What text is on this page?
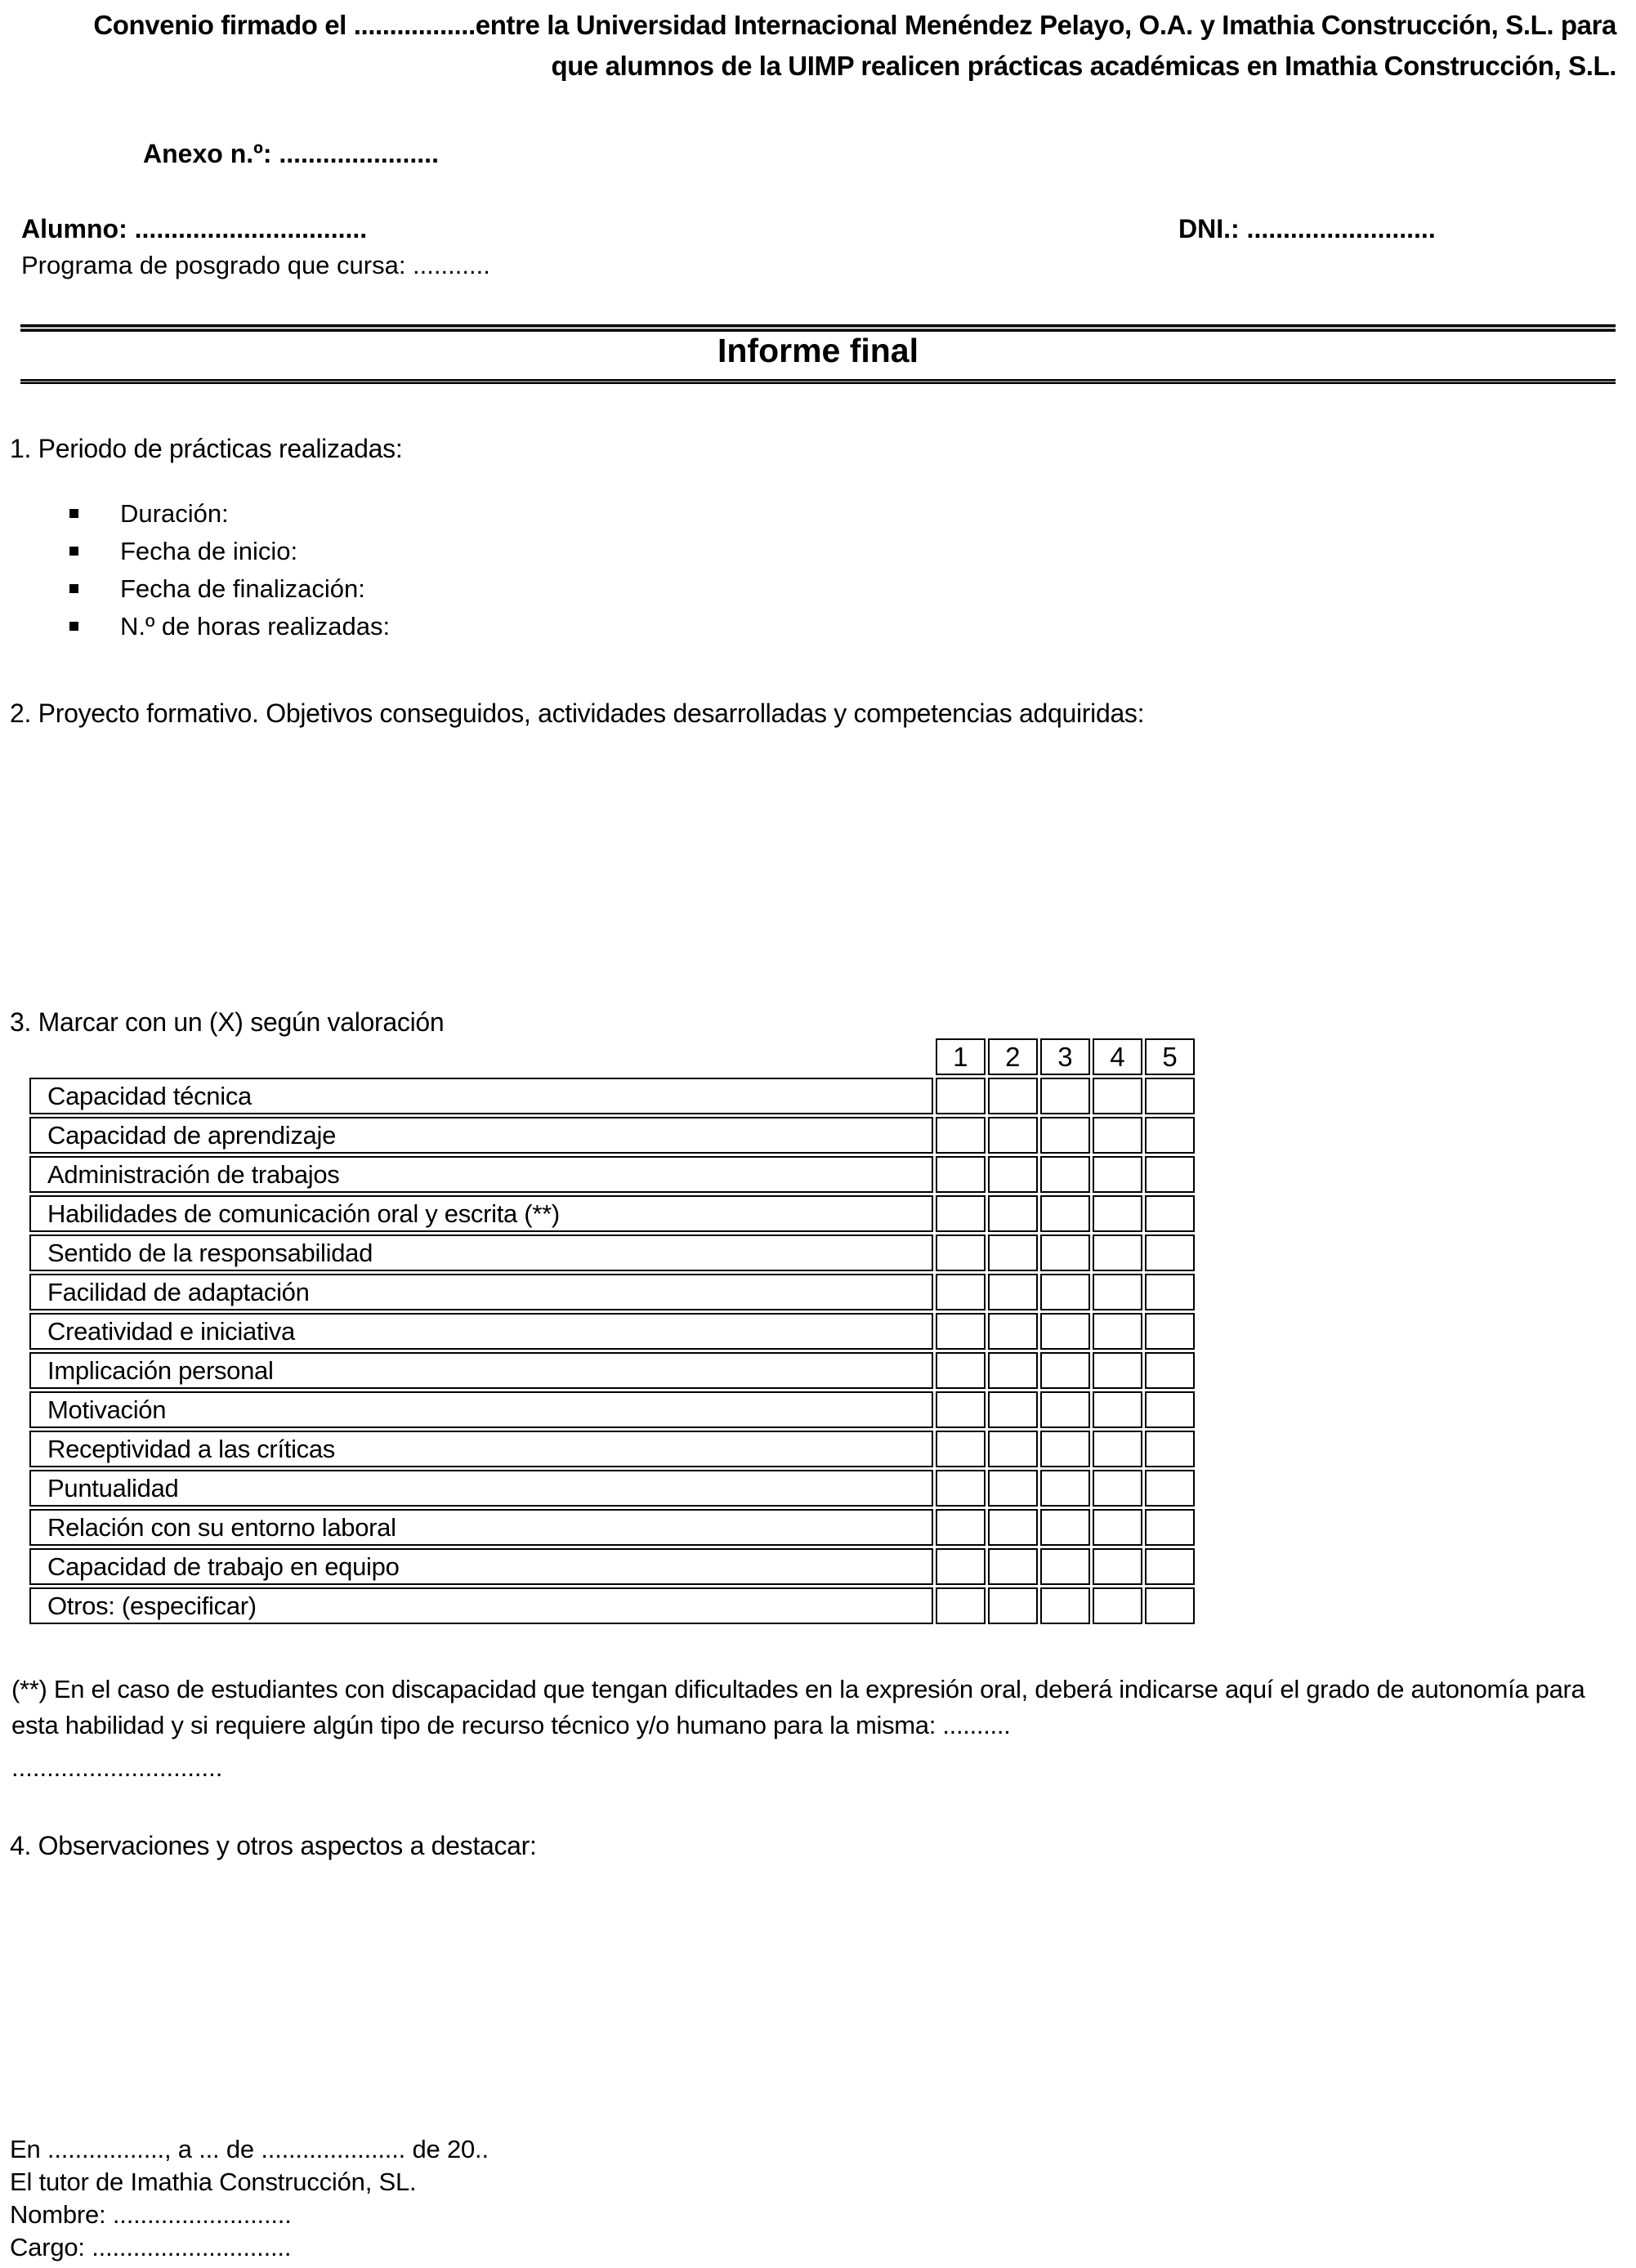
Convenio firmado el .................entre la Universidad Internacional Menéndez Pelayo, O.A. y Imathia Construcción, S.L. para
que alumnos de la UIMP realicen prácticas académicas en Imathia Construcción, S.L.
Anexo n.º: ......................
Alumno: ................................	DNI.: ..........................
Programa de posgrado que cursa: ...........
Informe final
1. Periodo de prácticas realizadas:
Duración:
Fecha de inicio:
Fecha de finalización:
N.º de horas realizadas:
2. Proyecto formativo. Objetivos conseguidos, actividades desarrolladas y competencias adquiridas:
3. Marcar con un (X) según valoración
	1	2	3	4	5
Capacidad técnica					
Capacidad de aprendizaje					
Administración de trabajos					
Habilidades de comunicación oral y escrita (**)					
Sentido de la responsabilidad					
Facilidad de adaptación					
Creatividad e iniciativa					
Implicación personal					
Motivación					
Receptividad a las críticas					
Puntualidad					
Relación con su entorno laboral					
Capacidad de trabajo en equipo					
Otros: (especificar)					
(**) En el caso de estudiantes con discapacidad que tengan dificultades en la expresión oral, deberá indicarse aquí el grado de autonomía para esta habilidad y si requiere algún tipo de recurso técnico y/o humano para la misma: ..........
..............................
4. Observaciones y otros aspectos a destacar:
En ................., a ... de ..................... de 20..
El tutor de Imathia Construcción, SL.
Nombre: ..........................
Cargo: .............................
